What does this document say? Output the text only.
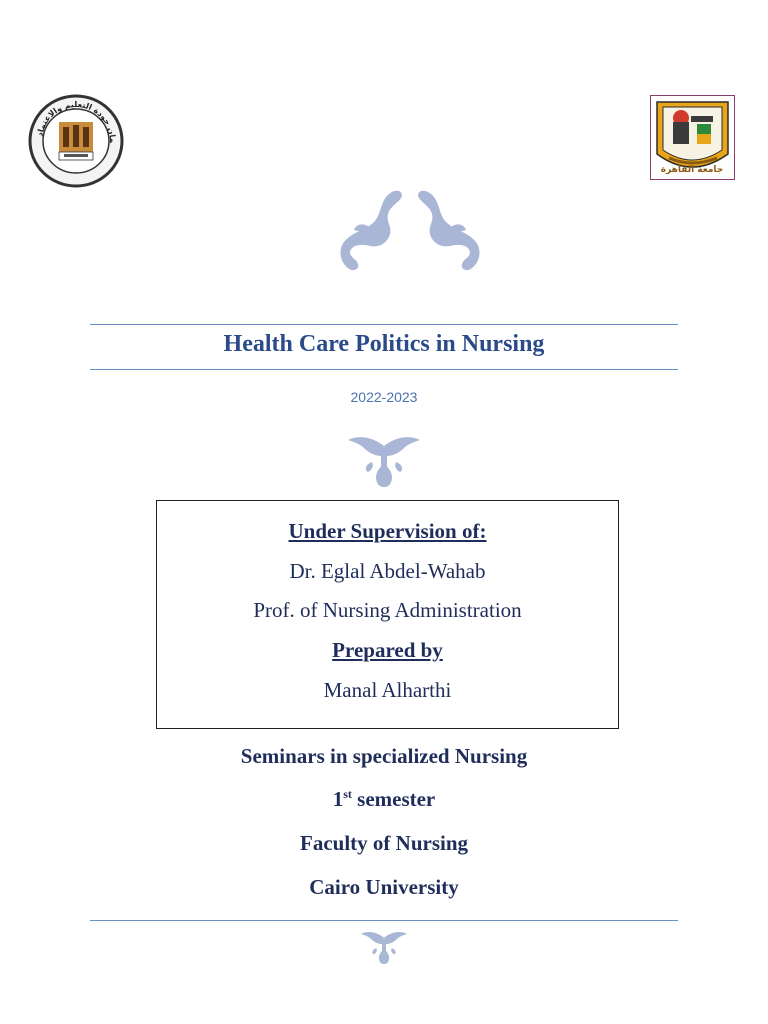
مان جودة التعليم والاعتماد
جامعة القاهرة
Health Care Politics in Nursing
2022-2023
Under Supervision of:
Dr. Eglal Abdel-Wahab
Prof. of Nursing Administration
Prepared by
Manal Alharthi
Seminars in specialized Nursing
1st semester
Faculty of Nursing
Cairo University
